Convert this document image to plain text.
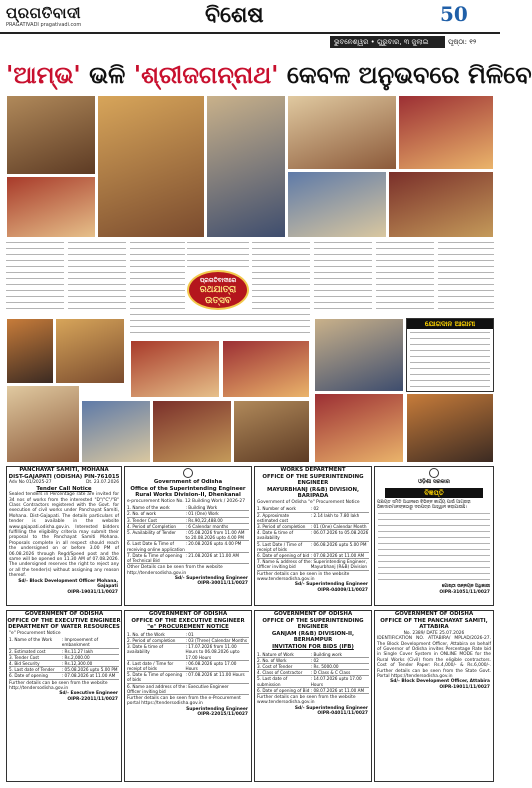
ପ୍ରଗତିବାଦୀ
PRAGATIVADI pragativadi.com	ବିଶେଷ	50
ଭୁବନେଶ୍ୱର • ଗୁରୁବାର, ୩ ଜୁଲାଇ ୨୦୨୫
ପୃଷ୍ଠା: ୧୨
'ଆମ୍ଭ' ଭଳି 'ଶ୍ରୀଜଗନ୍ନାଥ' କେବଳ ଅନୁଭବରେ ମିଳିବେ
ପ୍ରଗତିବାଦୀରେ
ରଥଯାତ୍ରା ଉତ୍ସବ
ଯୋଗଦାନ ଆଗାମୀ
PANCHAYAT SAMITI, MOHANA
DIST-GAJAPATI (ODISHA) PIN-761015
Adv No 01/2025-27	Dt. 23.07.2026
Tender Call Notice
Sealed tenders in Percentage rate are invited for 34 nos of works from the interested "D"/"C"/"B" Class Contractors registered with the Govt. for execution of civil works under Panchayat Samiti, Mohana. Dist-Gajapati. The details particulars of tender is available in the website www.gajapati.odisha.gov.in. Interested bidders fulfilling the eligibility criteria may submit their proposal to the Panchayat Samiti Mohana. Proposals complete in all respect should reach the undersigned on or before 3.00 PM of 06.08.2026 through Regd/Speed post and the same will be opened on 11.30 AM of 07.08.2026. The undersigned reserves the right to reject any or all the tender(s) without assigning any reason thereof.
Sd/- Block Development Officer Mohana, Gajapati
OIPR-19031/11/0027
Government of Odisha
Office of the Superintending Engineer
Rural Works Division-II, Dhenkanal
e-procurement Notice No. 12 Building Work / 2026-27
1. Name of the work	: Building Work
2. No. of work	: 01 (One) Work
3. Tender Cost	: Rs.90,22,488.00
4. Period of Completion	: 6 Calendar months
5. Availability of Tender	: 05.08.2026 from 11.00 AM to 20.08.2026 upto 4.00 PM
6. Last Date & Time of receiving online application
: 20.08.2026 upto 4.00 PM
7. Date & Time of opening of Technical Bid
: 21.08.2026 at 11.00 AM
Other Details can be seen from the website http://tendersodisha.gov.in
Sd/- Superintending Engineer
OIPR-30011/11/0027
WORKS DEPARTMENT
OFFICE OF THE SUPERINTENDING ENGINEER
MAYURBHANJ (R&B) DIVISION, BARIPADA
Government of Odisha "e" Procurement Notice
1. Number of work	: 02
2. Approximate estimated cost
: 2.14 lakh to 7.80 lakh
3. Period of completion	: 01 (One) Calendar Month
4. Date & time of availability
: 06.07.2026 to 05.08.2026
5. Last Date / Time of receipt of bids
: 06.08.2026 upto 5.00 PM
6. Date of opening of bid : 07.08.2026 at 11.00 AM
7. Name & address of the Officer inviting bid
: Superintending Engineer, Mayurbhanj (R&B) Division
Further details can be seen in the website www.tendersodisha.gov.in
Sd/- Superintending Engineer
OIPR-04009/11/0027
ଓଡ଼ିଶା ସରକାର
ବିଜ୍ଞପ୍ତି
ପଞ୍ଚାୟତ ସମିତି ଅଧୀନରେ ବିଭିନ୍ନ କାର୍ଯ୍ୟ ପାଇଁ ଆଗ୍ରହୀ ଠିକାଦାରମାନଙ୍କଠାରୁ ଦରପତ୍ର ଆହ୍ୱାନ କରାଯାଉଛି।
ଗୋଷ୍ଠୀ ଉନ୍ନୟନ ଅଧିକାରୀ
OIPR-31051/11/0027
GOVERNMENT OF ODISHA
OFFICE OF THE EXECUTIVE ENGINEER
DEPARTMENT OF WATER RESOURCES
"e" Procurement Notice
1. Name of the Work	: Improvement of embankment
2. Estimated cost	: Rs.11.27 lakh
3. Tender Cost	: Rs.2,000.00
4. Bid Security	: Rs.12,300.00
5. Last date of Tender	: 05.08.2026 upto 5.00 PM
6. Date of opening	: 07.08.2026 at 11.00 AM
Further details can be seen from the website http://tendersodisha.gov.in
Sd/- Executive Engineer
OIPR-22011/11/0027
GOVERNMENT OF ODISHA
OFFICE OF THE EXECUTIVE ENGINEER
"e" PROCUREMENT NOTICE
1. No. of the Work	: 01
2. Period of completion	: 03 (Three) Calendar Months
3. Date & time of availability
: 17.07.2026 from 11.00 Hours to 06.08.2026 upto 17.00 Hours
4. Last date / Time for receipt of bids
: 06.08.2026 upto 17.00 Hours
5. Date & Time of opening of bids
: 07.08.2026 at 11.00 Hours
6. Name and address of the Officer inviting bid
: Executive Engineer
Further details can be seen from the e-Procurement portal https://tendersodisha.gov.in
Superintending Engineer
OIPR-22015/11/0027
GOVERNMENT OF ODISHA
OFFICE OF THE SUPERINTENDING ENGINEER
GANJAM (R&B) DIVISION-II, BERHAMPUR
INVITATION FOR BIDS (IFB)
1. Nature of Work	: Building work
2. No. of Work	: 02
3. Cost of Tender	: Rs. 5000.00
4. Class of Contractor	: D Class & C Class
5. Last date of submission
: 14.07.2026 upto 17.00 Hours
6. Date of opening of Bid : 08.07.2026 at 11.00 AM
Further details can be seen from the website www.tendersodisha.gov.in
Sd/- Superintending Engineer
OIPR-04011/11/0027
GOVERNMENT OF ODISHA
OFFICE OF THE PANCHAYAT SAMITI, ATTABIRA
No. 2389/ DATE 25.07.2026
IDENTIFICATION NO. ATTABIRA/ MPLAD/2026-27. The Block Development Officer, Attabira on behalf of Governor of Odisha invites Percentage Rate bid in Single Cover System in ONLINE MODE for the Rural Works (Civil) from the eligible contractors. Cost of Tender Paper: Rs.4,000/- & Rs.6,000/-. Further details can be seen from the State Govt. Portal https://tendersodisha.gov.in
Sd/- Block Development Officer, Attabira
OIPR-19011/11/0027
